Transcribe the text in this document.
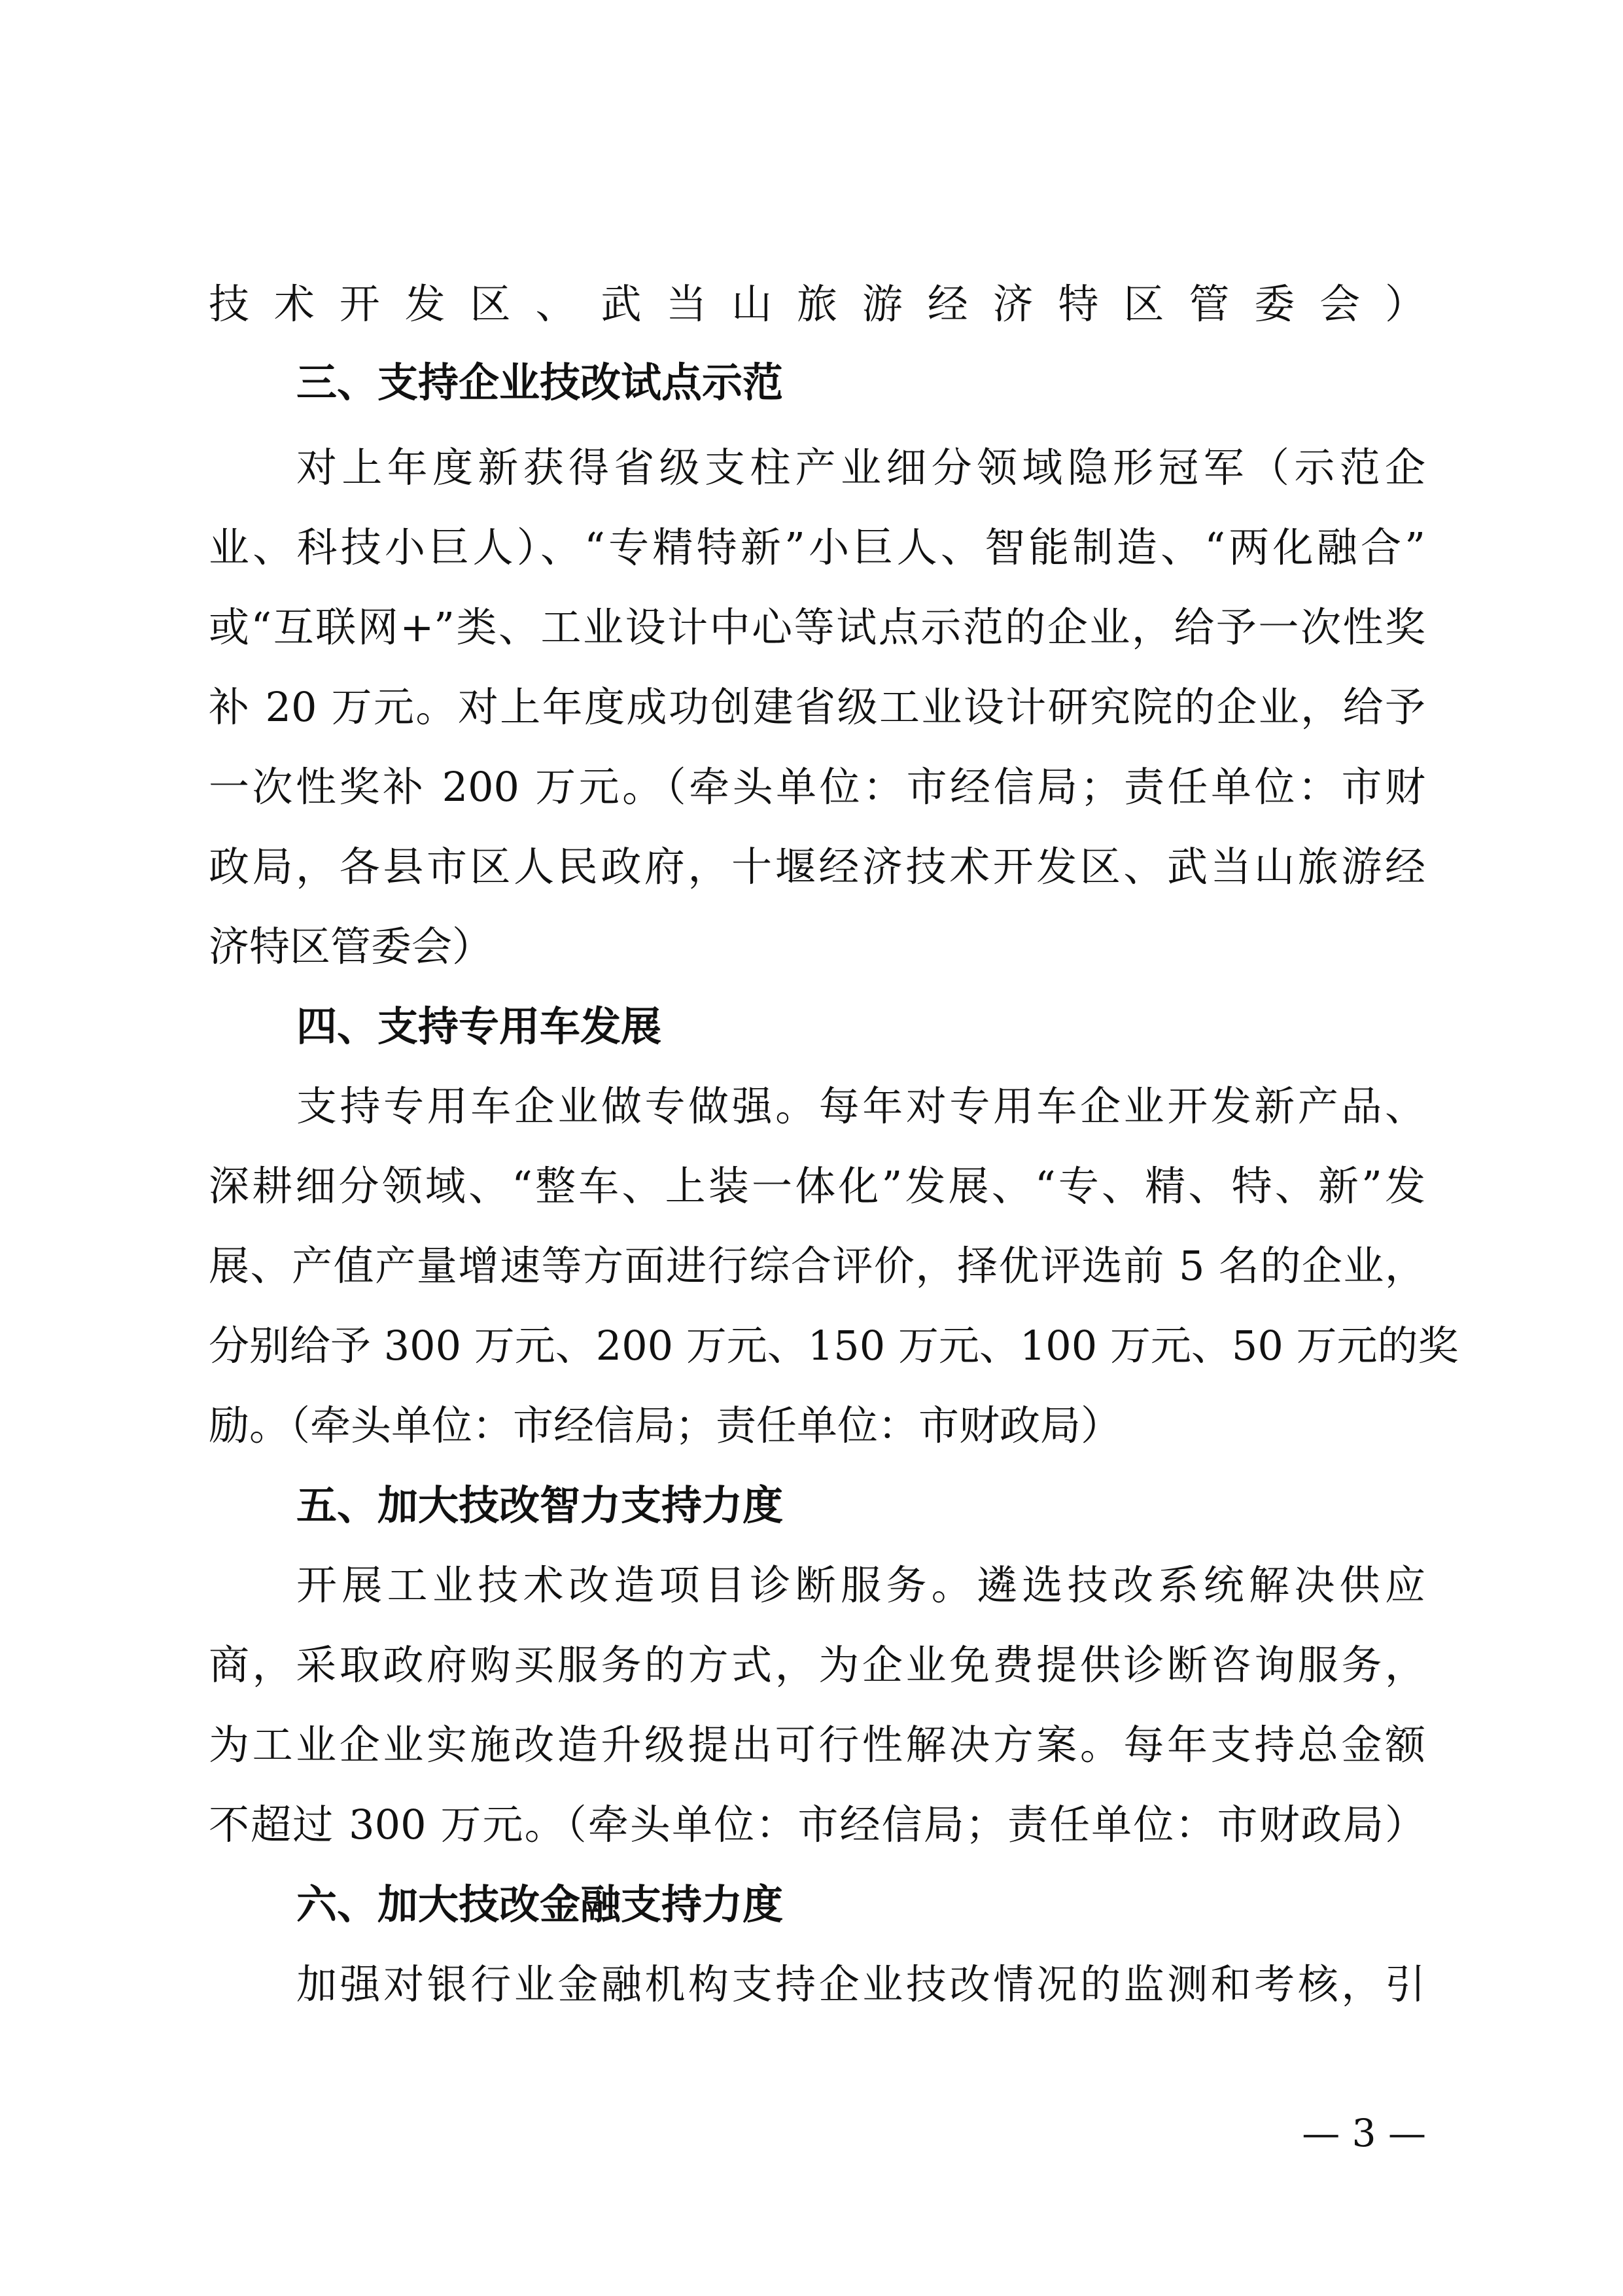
技术开发区、武当山旅游经济特区管委会）
三、支持企业技改试点示范
对上年度新获得省级支柱产业细分领域隐形冠军（示范企
业、科技小巨人）、“专精特新”小巨人、智能制造、“两化融合”
或“互联网+”类、工业设计中心等试点示范的企业，给予一次性奖
补 20 万元。对上年度成功创建省级工业设计研究院的企业，给予
一次性奖补 200 万元。（牵头单位：市经信局；责任单位：市财
政局，各县市区人民政府，十堰经济技术开发区、武当山旅游经
济特区管委会）
四、支持专用车发展
支持专用车企业做专做强。每年对专用车企业开发新产品、
深耕细分领域、“整车、上装一体化”发展、“专、精、特、新”发
展、产值产量增速等方面进行综合评价，择优评选前 5 名的企业，
分别给予 300 万元、200 万元、150 万元、100 万元、50 万元的奖
励。（牵头单位：市经信局；责任单位：市财政局）
五、加大技改智力支持力度
开展工业技术改造项目诊断服务。遴选技改系统解决供应
商，采取政府购买服务的方式，为企业免费提供诊断咨询服务，
为工业企业实施改造升级提出可行性解决方案。每年支持总金额
不超过 300 万元。（牵头单位：市经信局；责任单位：市财政局）
六、加大技改金融支持力度
加强对银行业金融机构支持企业技改情况的监测和考核，引
— 3 —
